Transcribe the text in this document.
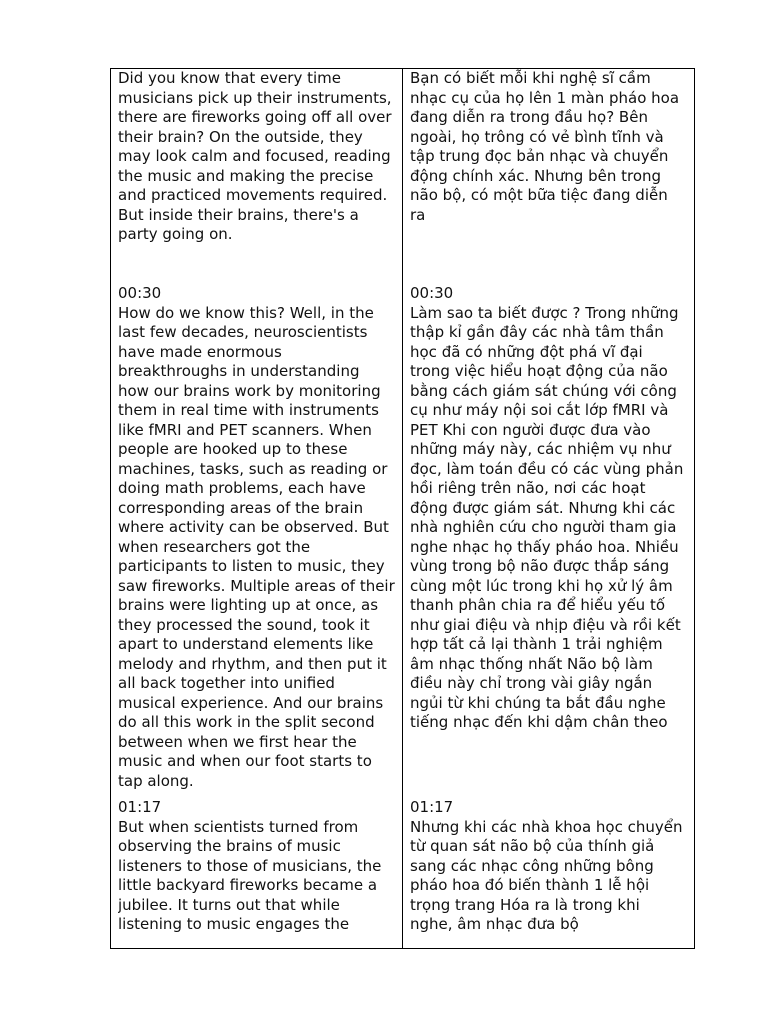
Did you know that every time musicians pick up their instruments, there are fireworks going off all over their brain? On the outside, they may look calm and focused, reading the music and making the precise and practiced movements required. But inside their brains, there's a party going on.

00:30

How do we know this? Well, in the last few decades, neuroscientists have made enormous breakthroughs in understanding how our brains work by monitoring them in real time with instruments like fMRI and PET scanners. When people are hooked up to these machines, tasks, such as reading or doing math problems, each have corresponding areas of the brain where activity can be observed. But when researchers got the participants to listen to music, they saw fireworks. Multiple areas of their brains were lighting up at once, as they processed the sound, took it apart to understand elements like melody and rhythm, and then put it all back together into unified musical experience. And our brains do all this work in the split second between when we first hear the music and when our foot starts to tap along.

01:17

But when scientists turned from observing the brains of music listeners to those of musicians, the little backyard fireworks became a jubilee. It turns out that while listening to music engages the

Bạn có biết mỗi khi nghệ sĩ cầm nhạc cụ của họ lên 1 màn pháo hoa đang diễn ra trong đầu họ? Bên ngoài, họ trông có vẻ bình tĩnh và tập trung đọc bản nhạc và chuyển động chính xác. Nhưng bên trong não bộ, có một bữa tiệc đang diễn ra

00:30

Làm sao ta biết được ? Trong những thập kỉ gần đây các nhà tâm thần học đã có những đột phá vĩ đại trong việc hiểu hoạt động của não bằng cách giám sát chúng với công cụ như máy nội soi cắt lớp fMRI và PET Khi con người được đưa vào những máy này, các nhiệm vụ như đọc, làm toán đều có các vùng phản hồi riêng trên não, nơi các hoạt động được giám sát. Nhưng khi các nhà nghiên cứu cho người tham gia nghe nhạc họ thấy pháo hoa. Nhiều vùng trong bộ não được thắp sáng cùng một lúc trong khi họ xử lý âm thanh phân chia ra để hiểu yếu tố như giai điệu và nhịp điệu và rồi kết hợp tất cả lại thành 1 trải nghiệm âm nhạc thống nhất Não bộ làm điều này chỉ trong vài giây ngắn ngủi từ khi chúng ta bắt đầu nghe tiếng nhạc đến khi dậm chân theo

01:17

Nhưng khi các nhà khoa học chuyển từ quan sát não bộ của thính giả sang các nhạc công những bông pháo hoa đó biến thành 1 lễ hội trọng trang Hóa ra là trong khi nghe, âm nhạc đưa bộ
